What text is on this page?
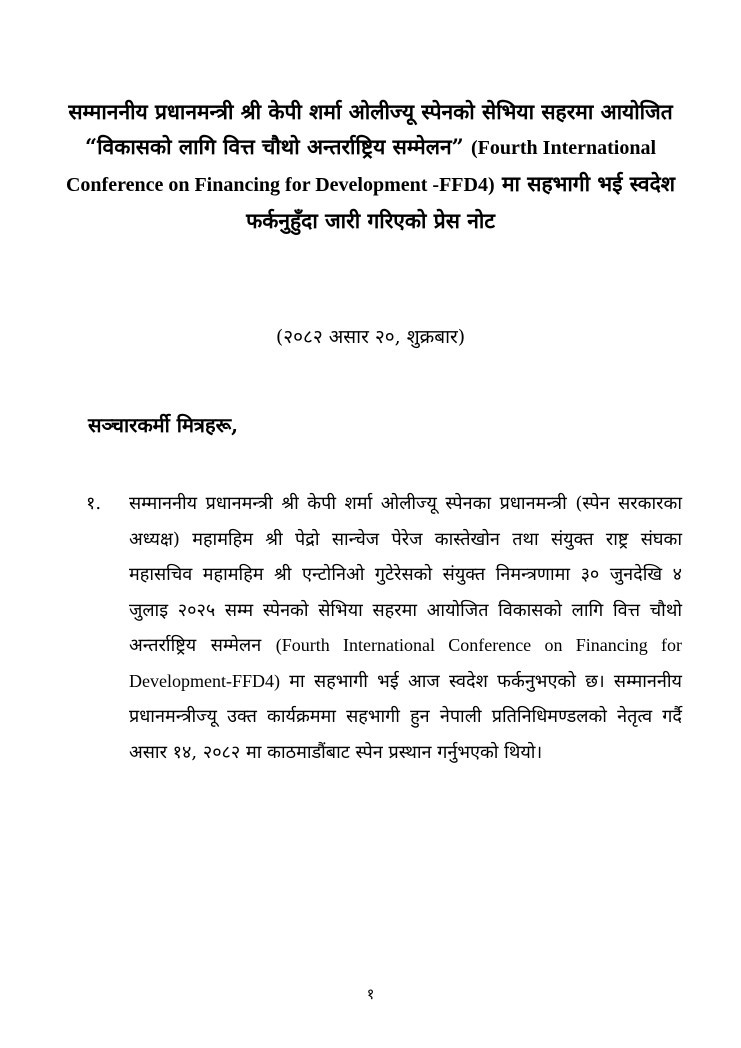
सम्माननीय प्रधानमन्त्री श्री केपी शर्मा ओलीज्यू स्पेनको सेभिया सहरमा आयोजित “विकासको लागि वित्त चौथो अन्तर्राष्ट्रिय सम्मेलन” (Fourth International Conference on Financing for Development -FFD4) मा सहभागी भई स्वदेश फर्कनुहुँदा जारी गरिएको प्रेस नोट
(२०८२ असार २०, शुक्रबार)
सञ्चारकर्मी मित्रहरू,
१. सम्माननीय प्रधानमन्त्री श्री केपी शर्मा ओलीज्यू स्पेनका प्रधानमन्त्री (स्पेन सरकारका अध्यक्ष) महामहिम श्री पेद्रो सान्चेज पेरेज कास्तेखोन तथा संयुक्त राष्ट्र संघका महासचिव महामहिम श्री एन्टोनिओ गुटेरेसको संयुक्त निमन्त्रणामा ३० जुनदेखि ४ जुलाइ २०२५ सम्म स्पेनको सेभिया सहरमा आयोजित विकासको लागि वित्त चौथो अन्तर्राष्ट्रिय सम्मेलन (Fourth International Conference on Financing for Development-FFD4) मा सहभागी भई आज स्वदेश फर्कनुभएको छ। सम्माननीय प्रधानमन्त्रीज्यू उक्त कार्यक्रममा सहभागी हुन नेपाली प्रतिनिधिमण्डलको नेतृत्व गर्दै असार १४, २०८२ मा काठमाडौंबाट स्पेन प्रस्थान गर्नुभएको थियो।
१
